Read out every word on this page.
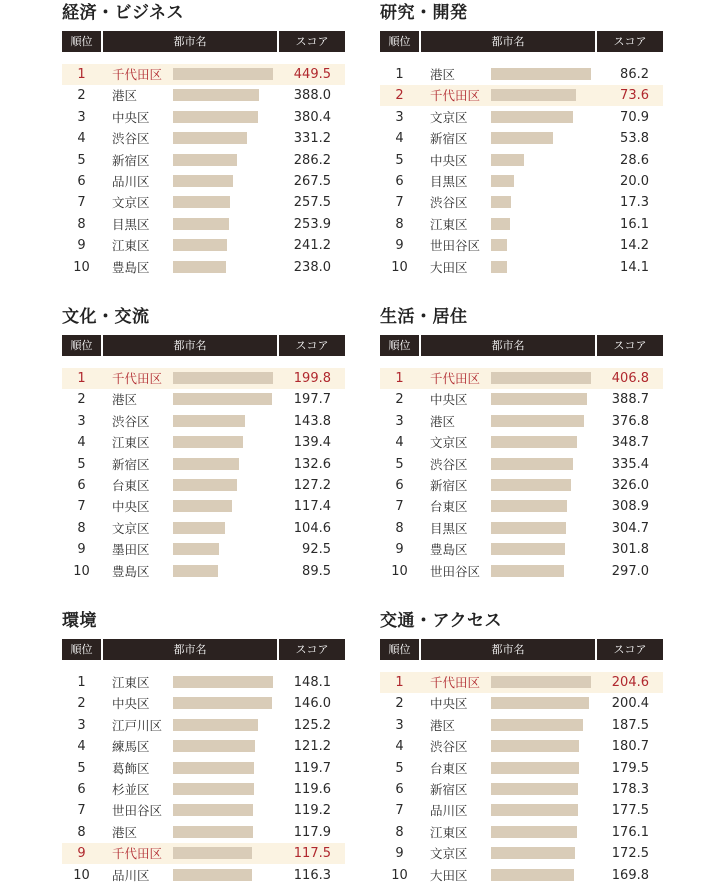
経済・ビジネス
順位	都市名	スコア
1	千代田区	449.5
2	港区	388.0
3	中央区	380.4
4	渋谷区	331.2
5	新宿区	286.2
6	品川区	267.5
7	文京区	257.5
8	目黒区	253.9
9	江東区	241.2
10	豊島区	238.0
研究・開発
順位	都市名	スコア
1	港区	86.2
2	千代田区	73.6
3	文京区	70.9
4	新宿区	53.8
5	中央区	28.6
6	目黒区	20.0
7	渋谷区	17.3
8	江東区	16.1
9	世田谷区	14.2
10	大田区	14.1
文化・交流
順位	都市名	スコア
1	千代田区	199.8
2	港区	197.7
3	渋谷区	143.8
4	江東区	139.4
5	新宿区	132.6
6	台東区	127.2
7	中央区	117.4
8	文京区	104.6
9	墨田区	92.5
10	豊島区	89.5
生活・居住
順位	都市名	スコア
1	千代田区	406.8
2	中央区	388.7
3	港区	376.8
4	文京区	348.7
5	渋谷区	335.4
6	新宿区	326.0
7	台東区	308.9
8	目黒区	304.7
9	豊島区	301.8
10	世田谷区	297.0
環境
順位	都市名	スコア
1	江東区	148.1
2	中央区	146.0
3	江戸川区	125.2
4	練馬区	121.2
5	葛飾区	119.7
6	杉並区	119.6
7	世田谷区	119.2
8	港区	117.9
9	千代田区	117.5
10	品川区	116.3
交通・アクセス
順位	都市名	スコア
1	千代田区	204.6
2	中央区	200.4
3	港区	187.5
4	渋谷区	180.7
5	台東区	179.5
6	新宿区	178.3
7	品川区	177.5
8	江東区	176.1
9	文京区	172.5
10	大田区	169.8
